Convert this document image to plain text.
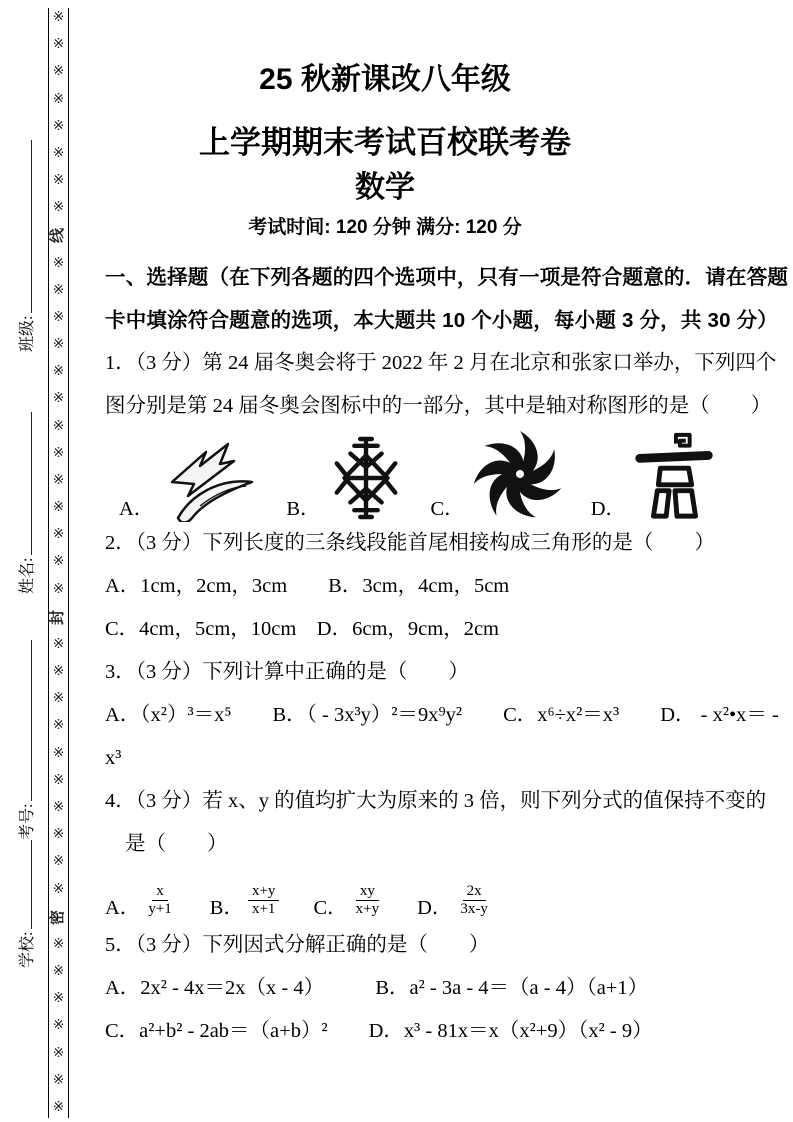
班级:
姓名:
考号:
学校:
※
※
※
※
※
※
※
※
线
※
※
※
※
※
※
※
※
※
※
※
※
※
封
※
※
※
※
※
※
※
※
※
※
密
※
※
※
※
※
※
※
25 秋新课改八年级
上学期期末考试百校联考卷
数学
考试时间: 120 分钟 满分: 120 分
一、选择题（在下列各题的四个选项中，只有一项是符合题意的．请在答题
卡中填涂符合题意的选项，本大题共 10 个小题，每小题 3 分，共 30 分）
1．（3 分）第 24 届冬奥会将于 2022 年 2 月在北京和张家口举办，下列四个
图分别是第 24 届冬奥会图标中的一部分，其中是轴对称图形的是（　　）
A．	B．	C．	D．
2．（3 分）下列长度的三条线段能首尾相接构成三角形的是（　　）
A．1cm，2cm，3cm　　B．3cm，4cm，5cm
C．4cm，5cm，10cm　D．6cm，9cm，2cm
3．（3 分）下列计算中正确的是（　　）
A．（x²）³＝x⁵　　B．（ - 3x³y）²＝9x⁹y²　　C．x⁶÷x²＝x³　　D． - x²•x＝ -
x³
4．（3 分）若 x、y 的值均扩大为原来的 3 倍，则下列分式的值保持不变的
是（　　）
A． $\frac{x}{y+1}$ B． $\frac{x+y}{x+1}$ C． $\frac{xy}{x+y}$ D． $\frac{2x}{3x-y}$
5．（3 分）下列因式分解正确的是（　　）
A．2x² - 4x＝2x（x - 4）　　　B．a² - 3a - 4＝（a - 4）（a+1）
C．a²+b² - 2ab＝（a+b）²　　D．x³ - 81x＝x（x²+9）（x² - 9）
